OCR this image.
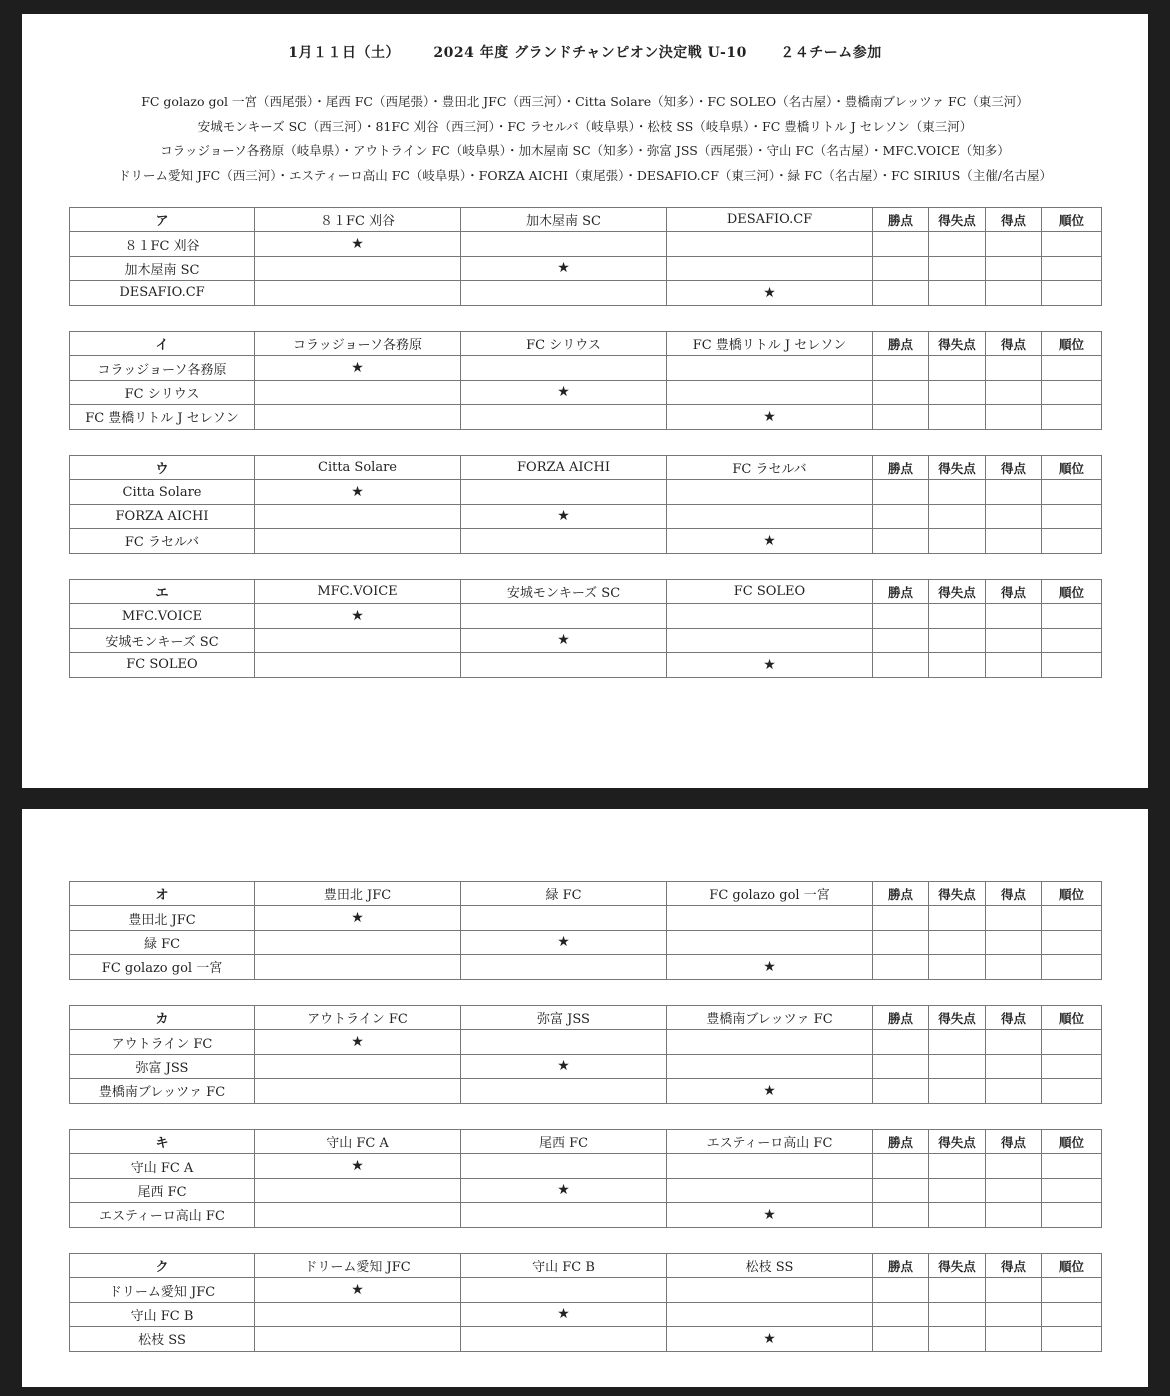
1月１１日（土） 2024 年度 グランドチャンピオン決定戦 U-10 ２４チーム参加
FC golazo gol 一宮（西尾張）・尾西 FC（西尾張）・豊田北 JFC（西三河）・Citta Solare（知多）・FC SOLEO（名古屋）・豊橋南ブレッツァ FC（東三河）
安城モンキーズ SC（西三河）・81FC 刈谷（西三河）・FC ラセルバ（岐阜県）・松枝 SS（岐阜県）・FC 豊橋リトル J セレソン（東三河）
コラッジョーソ各務原（岐阜県）・アウトライン FC（岐阜県）・加木屋南 SC（知多）・弥富 JSS（西尾張）・守山 FC（名古屋）・MFC.VOICE（知多）
ドリーム愛知 JFC（西三河）・エスティーロ高山 FC（岐阜県）・FORZA AICHI（東尾張）・DESAFIO.CF（東三河）・緑 FC（名古屋）・FC SIRIUS（主催/名古屋）
ア	８１FC 刈谷	加木屋南 SC	DESAFIO.CF	勝点	得失点	得点	順位
８１FC 刈谷	★						
加木屋南 SC		★					
DESAFIO.CF			★				
イ	コラッジョーソ各務原	FC シリウス	FC 豊橋リトル J セレソン	勝点	得失点	得点	順位
コラッジョーソ各務原	★						
FC シリウス		★					
FC 豊橋リトル J セレソン			★				
ウ	Citta Solare	FORZA AICHI	FC ラセルバ	勝点	得失点	得点	順位
Citta Solare	★						
FORZA AICHI		★					
FC ラセルバ			★				
エ	MFC.VOICE	安城モンキーズ SC	FC SOLEO	勝点	得失点	得点	順位
MFC.VOICE	★						
安城モンキーズ SC		★					
FC SOLEO			★				
オ	豊田北 JFC	緑 FC	FC golazo gol 一宮	勝点	得失点	得点	順位
豊田北 JFC	★						
緑 FC		★					
FC golazo gol 一宮			★				
カ	アウトライン FC	弥富 JSS	豊橋南ブレッツァ FC	勝点	得失点	得点	順位
アウトライン FC	★						
弥富 JSS		★					
豊橋南ブレッツァ FC			★				
キ	守山 FC A	尾西 FC	エスティーロ高山 FC	勝点	得失点	得点	順位
守山 FC A	★						
尾西 FC		★					
エスティーロ高山 FC			★				
ク	ドリーム愛知 JFC	守山 FC B	松枝 SS	勝点	得失点	得点	順位
ドリーム愛知 JFC	★						
守山 FC B		★					
松枝 SS			★				
